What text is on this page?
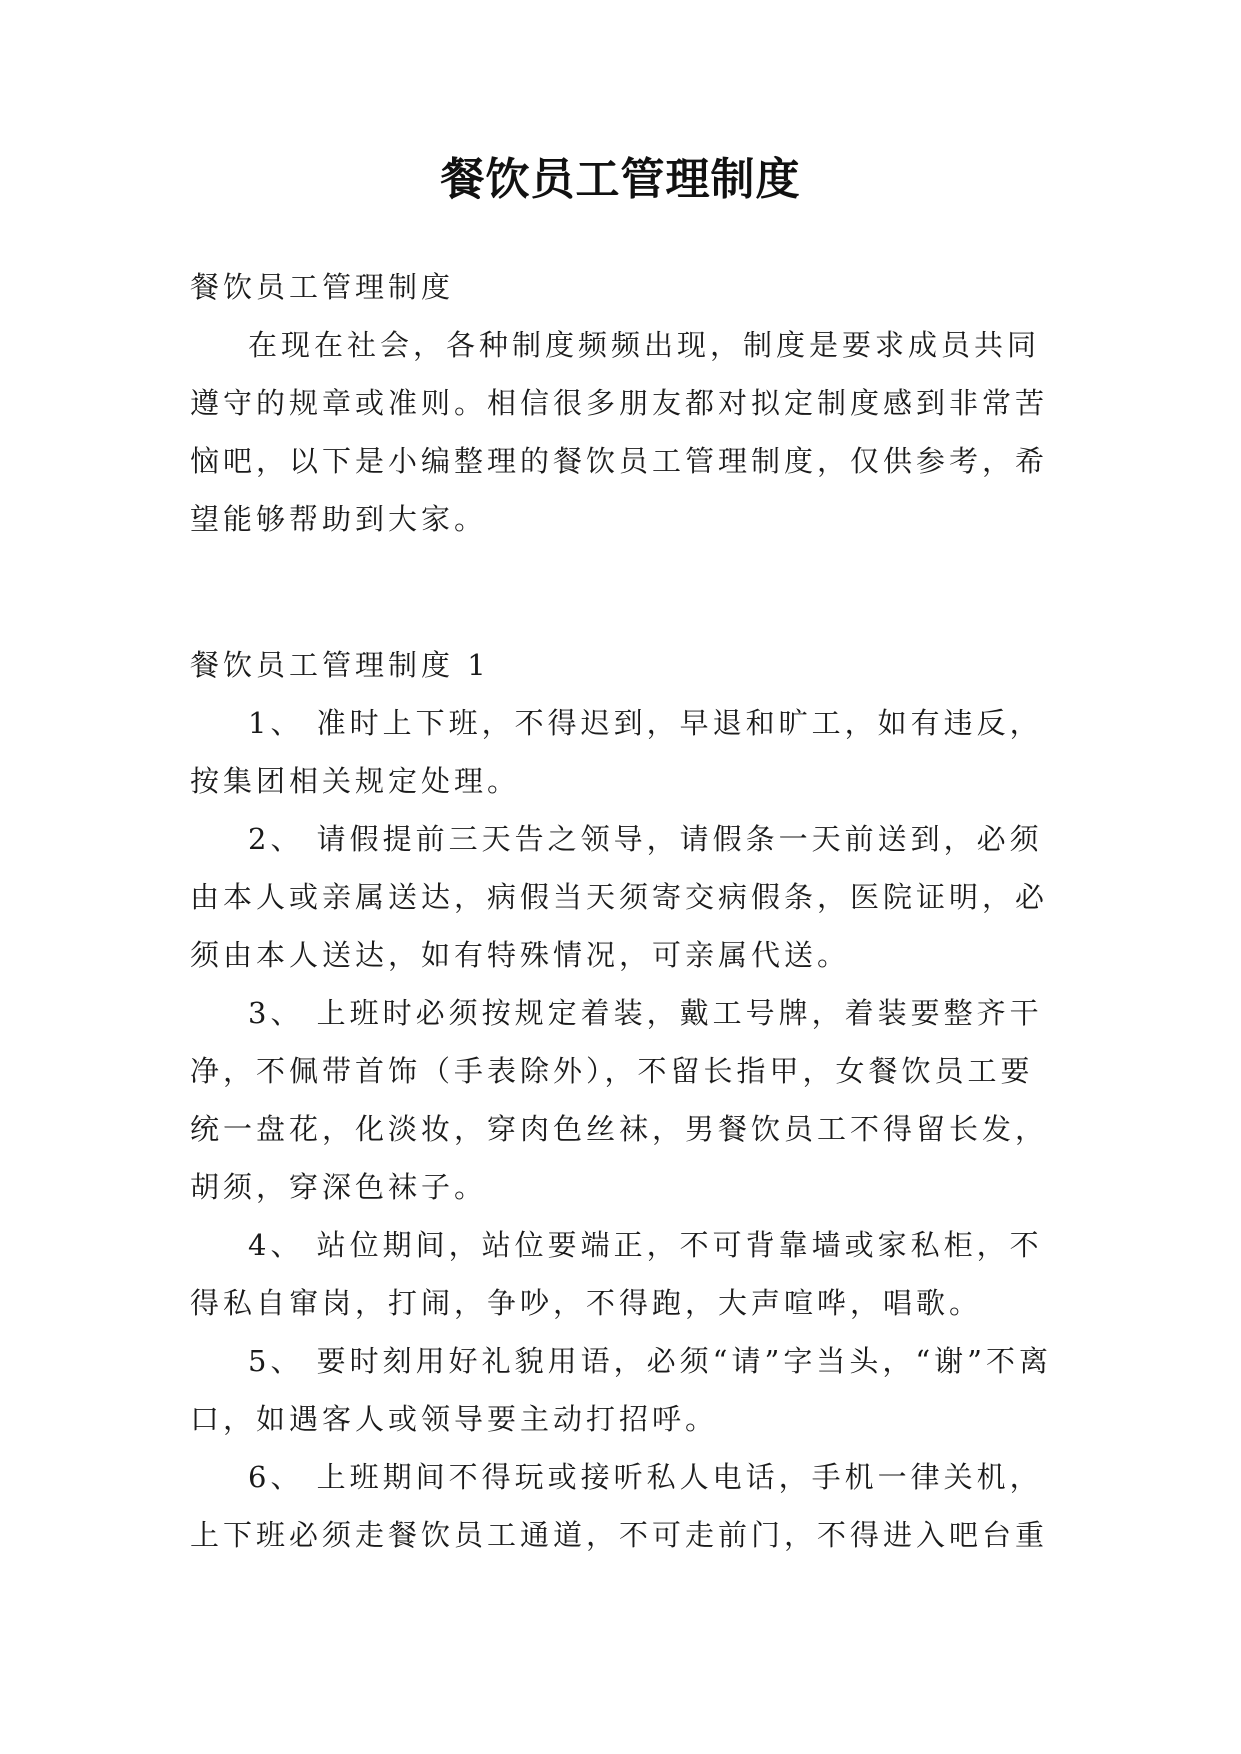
餐饮员工管理制度
餐饮员工管理制度

在现在社会，各种制度频频出现，制度是要求成员共同遵守的规章或准则。相信很多朋友都对拟定制度感到非常苦恼吧，以下是小编整理的餐饮员工管理制度，仅供参考，希望能够帮助到大家。

餐饮员工管理制度 1

1、 准时上下班，不得迟到，早退和旷工，如有违反，按集团相关规定处理。

2、 请假提前三天告之领导，请假条一天前送到，必须由本人或亲属送达，病假当天须寄交病假条，医院证明，必须由本人送达，如有特殊情况，可亲属代送。

3、 上班时必须按规定着装，戴工号牌，着装要整齐干净，不佩带首饰（手表除外），不留长指甲，女餐饮员工要统一盘花，化淡妆，穿肉色丝袜，男餐饮员工不得留长发，胡须，穿深色袜子。

4、 站位期间，站位要端正，不可背靠墙或家私柜，不得私自窜岗，打闹，争吵，不得跑，大声喧哗，唱歌。

5、 要时刻用好礼貌用语，必须“请”字当头，“谢”不离口，如遇客人或领导要主动打招呼。

6、 上班期间不得玩或接听私人电话，手机一律关机，上下班必须走餐饮员工通道，不可走前门，不得进入吧台重
